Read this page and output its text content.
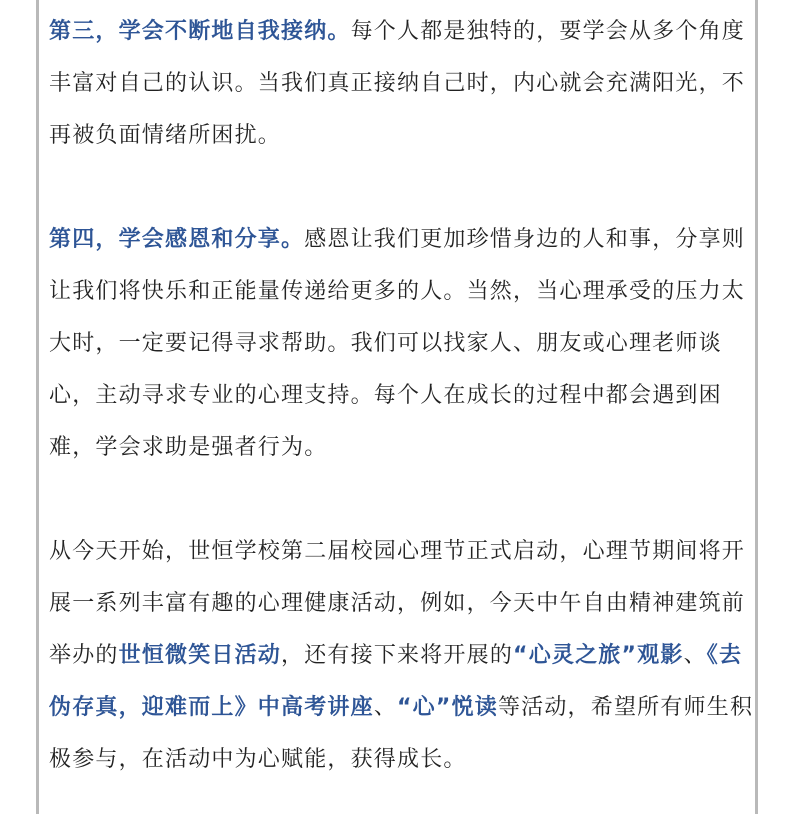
第三，学会不断地自我接纳。每个人都是独特的，要学会从多个角度丰富对自己的认识。当我们真正接纳自己时，内心就会充满阳光，不再被负面情绪所困扰。

第四，学会感恩和分享。感恩让我们更加珍惜身边的人和事，分享则让我们将快乐和正能量传递给更多的人。当然，当心理承受的压力太大时，一定要记得寻求帮助。我们可以找家人、朋友或心理老师谈心，主动寻求专业的心理支持。每个人在成长的过程中都会遇到困难，学会求助是强者行为。

从今天开始，世恒学校第二届校园心理节正式启动，心理节期间将开展一系列丰富有趣的心理健康活动，例如，今天中午自由精神建筑前举办的世恒微笑日活动，还有接下来将开展的“心灵之旅”观影、《去伪存真，迎难而上》中高考讲座、“心”悦读等活动，希望所有师生积极参与，在活动中为心赋能，获得成长。
